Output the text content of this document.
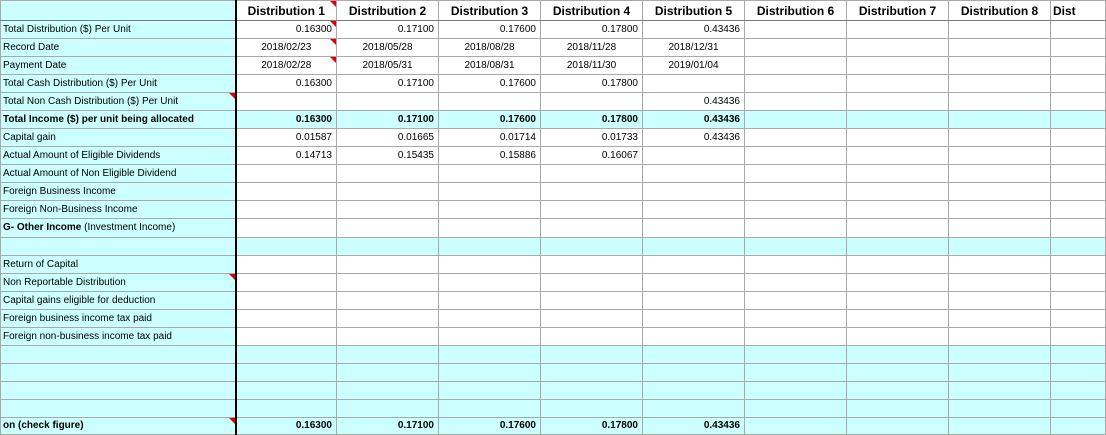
	Distribution 1	Distribution 2	Distribution 3	Distribution 4	Distribution 5	Distribution 6	Distribution 7	Distribution 8	Dist
Total Distribution ($) Per Unit	0.16300	0.17100	0.17600	0.17800	0.43436				
Record Date	2018/02/23	2018/05/28	2018/08/28	2018/11/28	2018/12/31				
Payment Date	2018/02/28	2018/05/31	2018/08/31	2018/11/30	2019/01/04				
Total Cash Distribution ($) Per Unit	0.16300	0.17100	0.17600	0.17800					
Total Non Cash Distribution ($) Per Unit					0.43436				
Total Income ($) per unit being allocated	0.16300	0.17100	0.17600	0.17800	0.43436				
Capital gain	0.01587	0.01665	0.01714	0.01733	0.43436				
Actual Amount of Eligible Dividends	0.14713	0.15435	0.15886	0.16067					
Actual Amount of Non Eligible Dividend									
Foreign Business Income									
Foreign Non-Business Income									
G- Other Income (Investment Income)									

Return of Capital									
Non Reportable Distribution									
Capital gains eligible for deduction									
Foreign business income tax paid									
Foreign non-business income tax paid									

on (check figure)	0.16300	0.17100	0.17600	0.17800	0.43436				
